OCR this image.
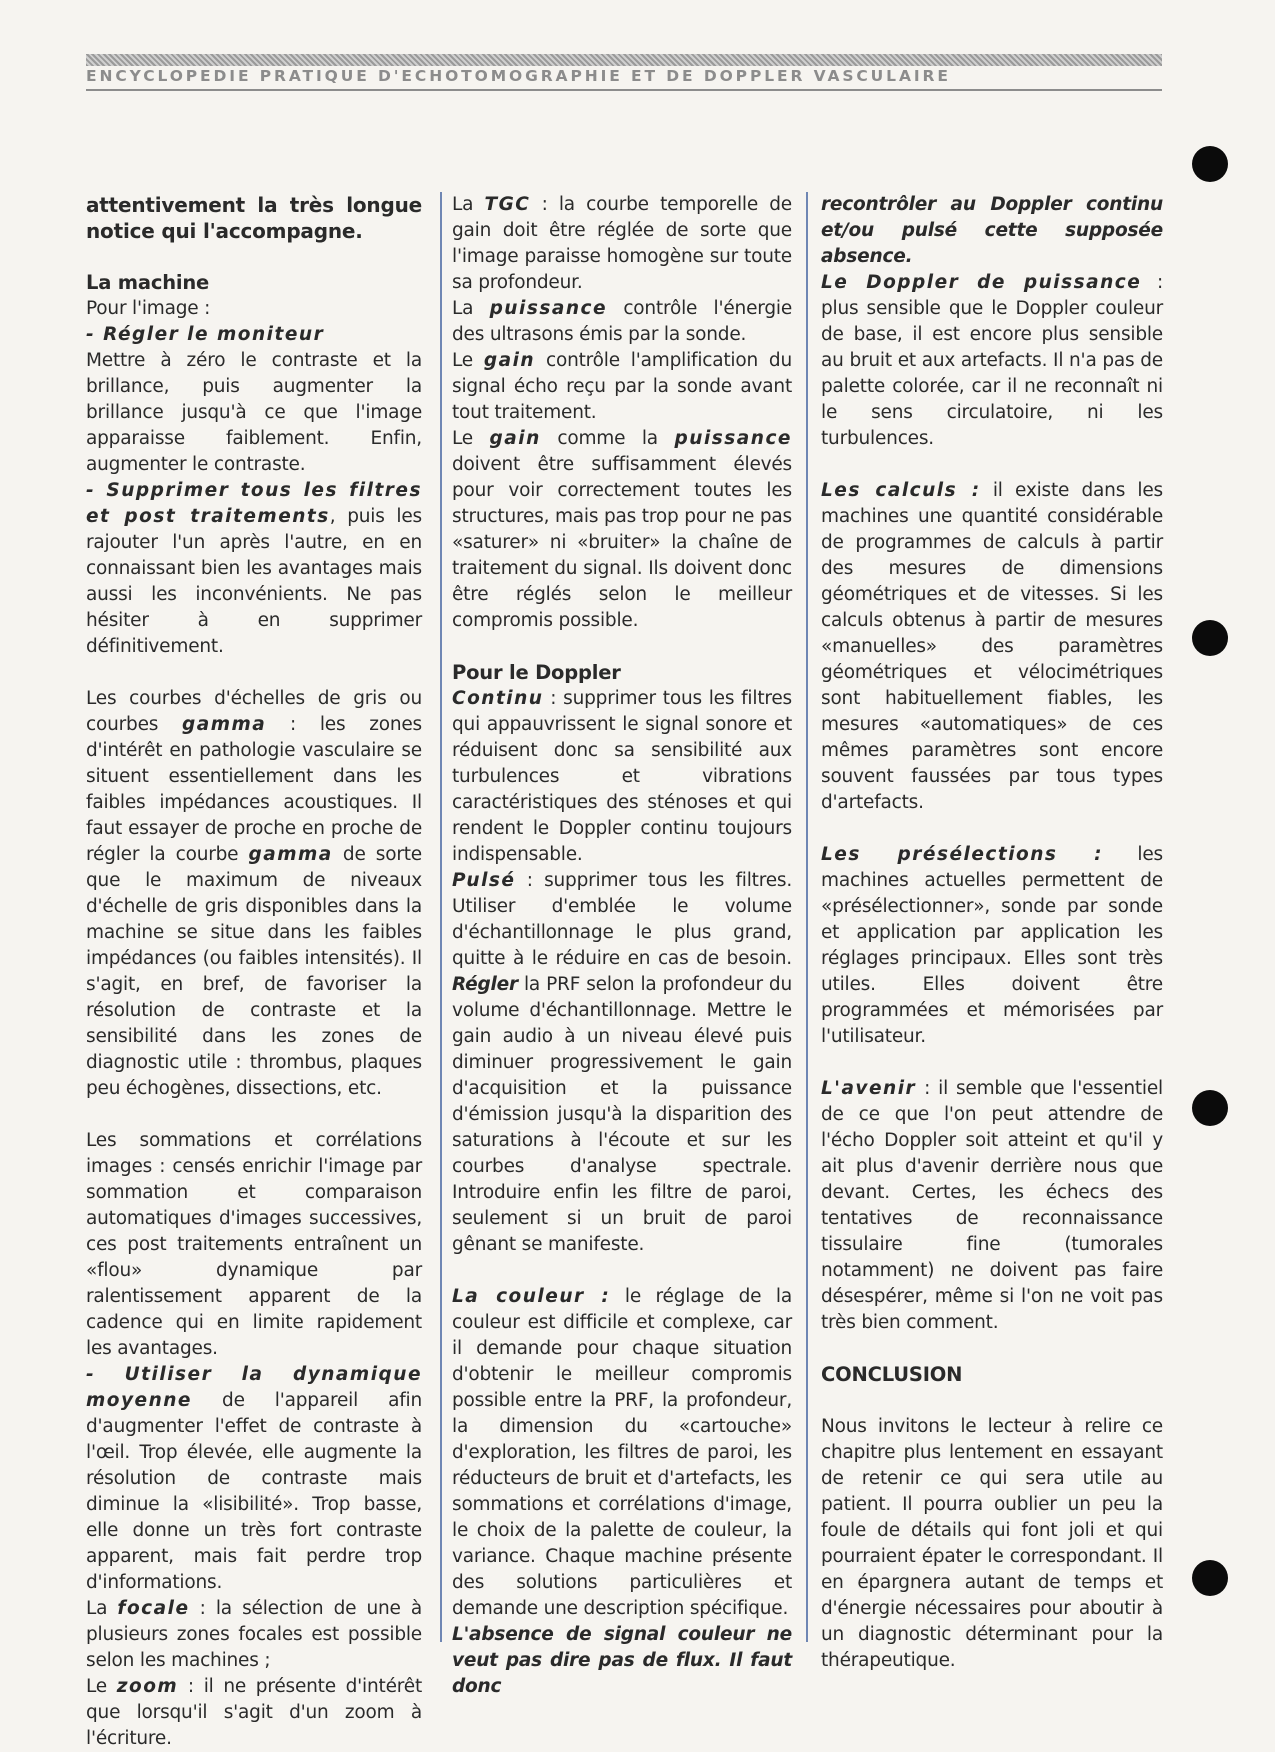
ENCYCLOPEDIE PRATIQUE D'ECHOTOMOGRAPHIE ET DE DOPPLER VASCULAIRE

attentivement la très longue notice qui l'accompagne.

La machine

Pour l'image :

- Régler le moniteur

Mettre à zéro le contraste et la brillance, puis augmenter la brillance jusqu'à ce que l'image apparaisse faiblement. Enfin, augmenter le contraste.

- Supprimer tous les filtres et post traitements, puis les rajouter l'un après l'autre, en en connaissant bien les avantages mais aussi les inconvénients. Ne pas hésiter à en supprimer définitivement.

Les courbes d'échelles de gris ou courbes gamma : les zones d'intérêt en pathologie vasculaire se situent essentiellement dans les faibles impédances acoustiques. Il faut essayer de proche en proche de régler la courbe gamma de sorte que le maximum de niveaux d'échelle de gris disponibles dans la machine se situe dans les faibles impédances (ou faibles intensités). Il s'agit, en bref, de favoriser la résolution de contraste et la sensibilité dans les zones de diagnostic utile : thrombus, plaques peu échogènes, dissections, etc.

Les sommations et corrélations images : censés enrichir l'image par sommation et comparaison automatiques d'images successives, ces post traitements entraînent un «flou» dynamique par ralentissement apparent de la cadence qui en limite rapidement les avantages.

- Utiliser la dynamique moyenne de l'appareil afin d'augmenter l'effet de contraste à l'œil. Trop élevée, elle augmente la résolution de contraste mais diminue la «lisibilité». Trop basse, elle donne un très fort contraste apparent, mais fait perdre trop d'informations.

La focale : la sélection de une à plusieurs zones focales est possible selon les machines ;

Le zoom : il ne présente d'intérêt que lorsqu'il s'agit d'un zoom à l'écriture.

La TGC : la courbe temporelle de gain doit être réglée de sorte que l'image paraisse homogène sur toute sa profondeur.

La puissance contrôle l'énergie des ultrasons émis par la sonde.

Le gain contrôle l'amplification du signal écho reçu par la sonde avant tout traitement.

Le gain comme la puissance doivent être suffisamment élevés pour voir correctement toutes les structures, mais pas trop pour ne pas «saturer» ni «bruiter» la chaîne de traitement du signal. Ils doivent donc être réglés selon le meilleur compromis possible.

Pour le Doppler

Continu : supprimer tous les filtres qui appauvrissent le signal sonore et réduisent donc sa sensibilité aux turbulences et vibrations caractéristiques des sténoses et qui rendent le Doppler continu toujours indispensable.

Pulsé : supprimer tous les filtres. Utiliser d'emblée le volume d'échantillonnage le plus grand, quitte à le réduire en cas de besoin. Régler la PRF selon la profondeur du volume d'échantillonnage. Mettre le gain audio à un niveau élevé puis diminuer progressivement le gain d'acquisition et la puissance d'émission jusqu'à la disparition des saturations à l'écoute et sur les courbes d'analyse spectrale. Introduire enfin les filtre de paroi, seulement si un bruit de paroi gênant se manifeste.

La couleur : le réglage de la couleur est difficile et complexe, car il demande pour chaque situation d'obtenir le meilleur compromis possible entre la PRF, la profondeur, la dimension du «cartouche» d'exploration, les filtres de paroi, les réducteurs de bruit et d'artefacts, les sommations et corrélations d'image, le choix de la palette de couleur, la variance. Chaque machine présente des solutions particulières et demande une description spécifique.

L'absence de signal couleur ne veut pas dire pas de flux. Il faut donc

recontrôler au Doppler continu et/ou pulsé cette supposée absence.

Le Doppler de puissance : plus sensible que le Doppler couleur de base, il est encore plus sensible au bruit et aux artefacts. Il n'a pas de palette colorée, car il ne reconnaît ni le sens circulatoire, ni les turbulences.

Les calculs : il existe dans les machines une quantité considérable de programmes de calculs à partir des mesures de dimensions géométriques et de vitesses. Si les calculs obtenus à partir de mesures «manuelles» des paramètres géométriques et vélocimétriques sont habituellement fiables, les mesures «automatiques» de ces mêmes paramètres sont encore souvent faussées par tous types d'artefacts.

Les présélections : les machines actuelles permettent de «présélectionner», sonde par sonde et application par application les réglages principaux. Elles sont très utiles. Elles doivent être programmées et mémorisées par l'utilisateur.

L'avenir : il semble que l'essentiel de ce que l'on peut attendre de l'écho Doppler soit atteint et qu'il y ait plus d'avenir derrière nous que devant. Certes, les échecs des tentatives de reconnaissance tissulaire fine (tumorales notamment) ne doivent pas faire désespérer, même si l'on ne voit pas très bien comment.

CONCLUSION

Nous invitons le lecteur à relire ce chapitre plus lentement en essayant de retenir ce qui sera utile au patient. Il pourra oublier un peu la foule de détails qui font joli et qui pourraient épater le correspondant. Il en épargnera autant de temps et d'énergie nécessaires pour aboutir à un diagnostic déterminant pour la thérapeutique.
